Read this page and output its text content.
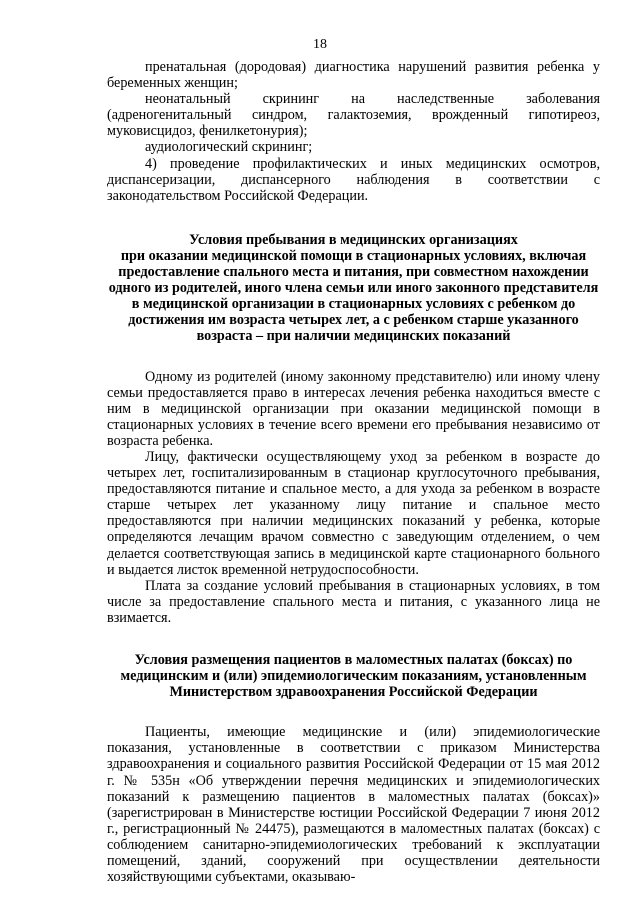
18

пренатальная (дородовая) диагностика нарушений развития ребенка у беременных женщин;

неонатальный скрининг на наследственные заболевания (адреногенитальный синдром, галактоземия, врожденный гипотиреоз, муковисцидоз, фенилкетонурия);

аудиологический скрининг;

4) проведение профилактических и иных медицинских осмотров, диспансеризации, диспансерного наблюдения в соответствии с законодательством Российской Федерации.

Условия пребывания в медицинских организациях

при оказании медицинской помощи в стационарных условиях, включая предоставление спального места и питания, при совместном нахождении одного из родителей, иного члена семьи или иного законного представителя в медицинской организации в стационарных условиях с ребенком до достижения им возраста четырех лет, а с ребенком старше указанного возраста – при наличии медицинских показаний

Одному из родителей (иному законному представителю) или иному члену семьи предоставляется право в интересах лечения ребенка находиться вместе с ним в медицинской организации при оказании медицинской помощи в стационарных условиях в течение всего времени его пребывания независимо от возраста ребенка.

Лицу, фактически осуществляющему уход за ребенком в возрасте до четырех лет, госпитализированным в стационар круглосуточного пребывания, предоставляются питание и спальное место, а для ухода за ребенком в возрасте старше четырех лет указанному лицу питание и спальное место предоставляются при наличии медицинских показаний у ребенка, которые определяются лечащим врачом совместно с заведующим отделением, о чем делается соответствующая запись в медицинской карте стационарного больного и выдается листок временной нетрудоспособности.

Плата за создание условий пребывания в стационарных условиях, в том числе за предоставление спального места и питания, с указанного лица не взимается.

Условия размещения пациентов в маломестных палатах (боксах) по медицинским и (или) эпидемиологическим показаниям, установленным Министерством здравоохранения Российской Федерации

Пациенты, имеющие медицинские и (или) эпидемиологические показания, установленные в соответствии с приказом Министерства здравоохранения и социального развития Российской Федерации от 15 мая 2012 г. № 535н «Об утверждении перечня медицинских и эпидемиологических показаний к размещению пациентов в маломестных палатах (боксах)» (зарегистрирован в Министерстве юстиции Российской Федерации 7 июня 2012 г., регистрационный № 24475), размещаются в маломестных палатах (боксах) с соблюдением санитарно-эпидемиологических требований к эксплуатации помещений, зданий, сооружений при осуществлении деятельности хозяйствующими субъектами, оказываю-
